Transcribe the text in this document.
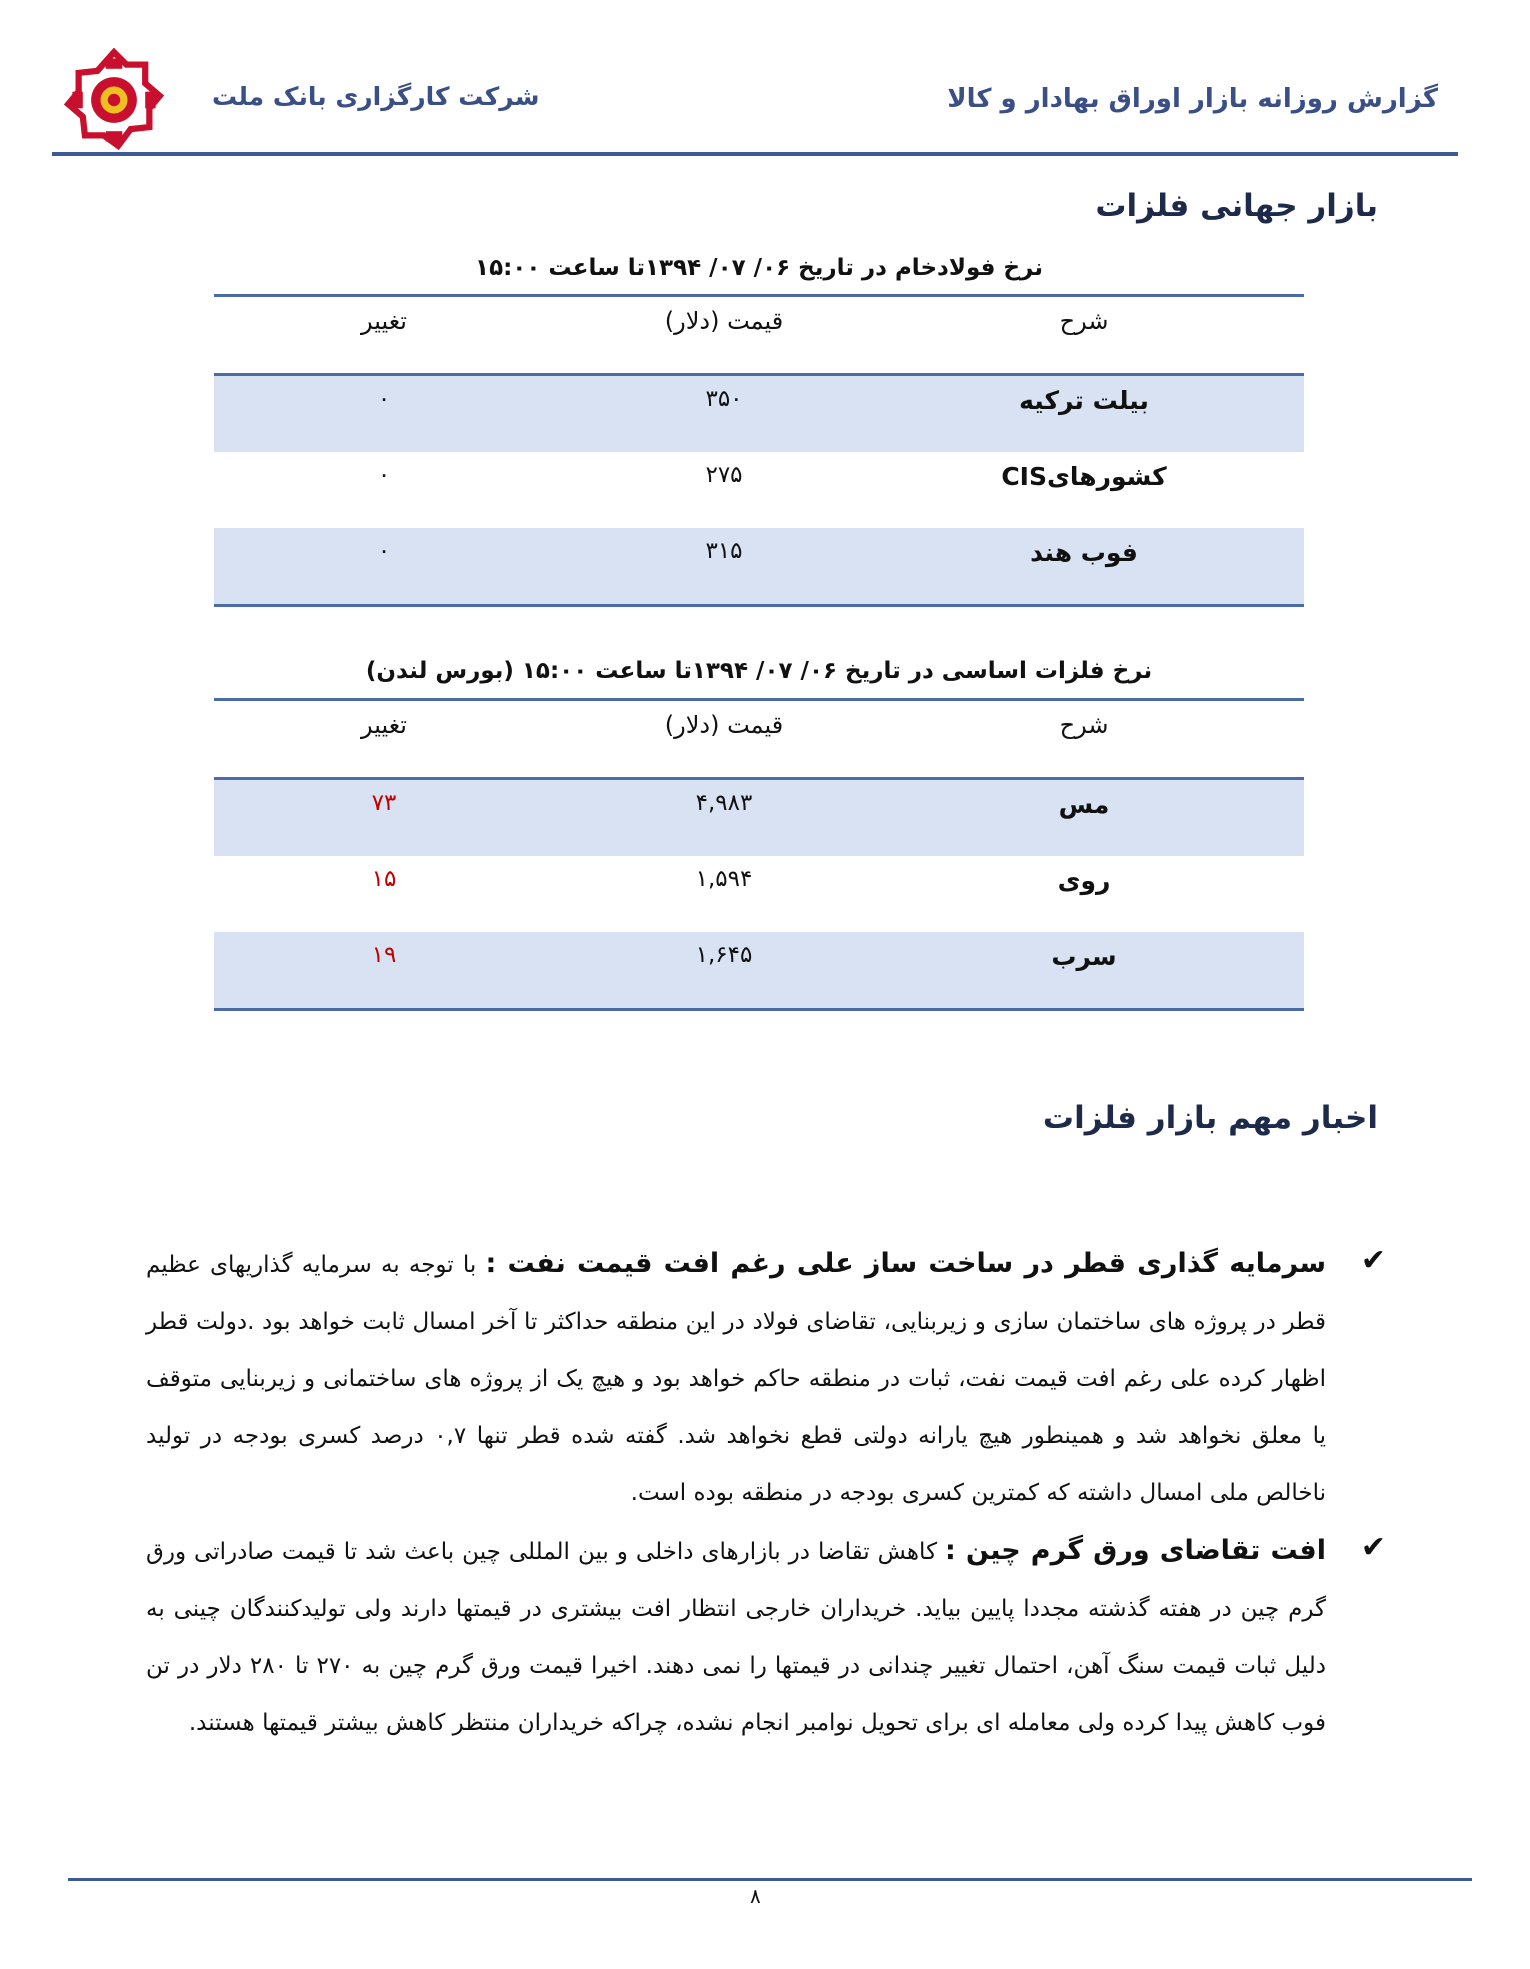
گزارش روزانه بازار اوراق بهادار و کالا
شرکت کارگزاری بانک ملت
بازار جهانی فلزات
نرخ فولادخام در تاریخ ۰۶/ ۰۷/ ۱۳۹۴تا ساعت ۱۵:۰۰
شرح
قیمت (دلار)
تغییر
بیلت ترکیه
۳۵۰
۰
کشورهایCIS
۲۷۵
۰
فوب هند
۳۱۵
۰
نرخ فلزات اساسی در تاریخ ۰۶/ ۰۷/ ۱۳۹۴تا ساعت ۱۵:۰۰ (بورس لندن)
شرح
قیمت (دلار)
تغییر
مس
۴,۹۸۳
۷۳
روی
۱,۵۹۴
۱۵
سرب
۱,۶۴۵
۱۹
اخبار مهم بازار فلزات
✔
سرمایه گذاری قطر در ساخت ساز علی رغم افت قیمت نفت : با توجه به سرمایه گذاریهای عظیم قطر در پروژه های ساختمان سازی و زیربنایی، تقاضای فولاد در این منطقه حداکثر تا آخر امسال ثابت خواهد بود .دولت قطر اظهار کرده علی رغم افت قیمت نفت، ثبات در منطقه حاکم خواهد بود و هیچ یک از پروژه های ساختمانی و زیربنایی متوقف یا معلق نخواهد شد و همینطور هیچ یارانه دولتی قطع نخواهد شد. گفته شده قطر تنها ۰,۷ درصد کسری بودجه در تولید ناخالص ملی امسال داشته که کمترین کسری بودجه در منطقه بوده است.
✔
افت تقاضای ورق گرم چین : کاهش تقاضا در بازارهای داخلی و بین المللی چین باعث شد تا قیمت صادراتی ورق گرم چین در هفته گذشته مجددا پایین بیاید. خریداران خارجی انتظار افت بیشتری در قیمتها دارند ولی تولیدکنندگان چینی به دلیل ثبات قیمت سنگ آهن، احتمال تغییر چندانی در قیمتها را نمی دهند. اخیرا قیمت ورق گرم چین به ۲۷۰ تا ۲۸۰ دلار در تن فوب کاهش پیدا کرده ولی معامله ای برای تحویل نوامبر انجام نشده، چراکه خریداران منتظر کاهش بیشتر قیمتها هستند.
۸
